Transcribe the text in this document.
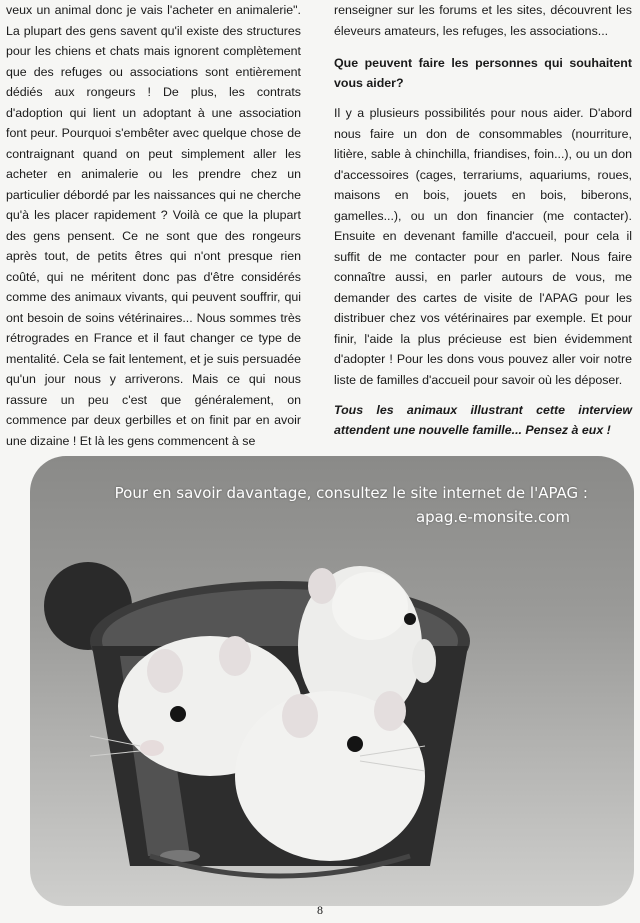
veux un animal donc je vais l'acheter en animalerie". La plupart des gens savent qu'il existe des structures pour les chiens et chats mais ignorent complètement que des refuges ou associations sont entièrement dédiés aux rongeurs ! De plus, les contrats d'adoption qui lient un adoptant à une association font peur. Pourquoi s'embêter avec quelque chose de contraignant quand on peut simplement aller les acheter en animalerie ou les prendre chez un particulier débordé par les naissances qui ne cherche qu'à les placer rapidement ? Voilà ce que la plupart des gens pensent. Ce ne sont que des rongeurs après tout, de petits êtres qui n'ont presque rien coûté, qui ne méritent donc pas d'être considérés comme des animaux vivants, qui peuvent souffrir, qui ont besoin de soins vétérinaires... Nous sommes très rétrogrades en France et il faut changer ce type de mentalité. Cela se fait lentement, et je suis persuadée qu'un jour nous y arriverons. Mais ce qui nous rassure un peu c'est que généralement, on commence par deux gerbilles et on finit par en avoir une dizaine ! Et là les gens commencent à se

renseigner sur les forums et les sites, découvrent les éleveurs amateurs, les refuges, les associations...

Que peuvent faire les personnes qui souhaitent vous aider?

Il y a plusieurs possibilités pour nous aider. D'abord nous faire un don de consommables (nourriture, litière, sable à chinchilla, friandises, foin...), ou un don d'accessoires (cages, terrariums, aquariums, roues, maisons en bois, jouets en bois, biberons, gamelles...), ou un don financier (me contacter). Ensuite en devenant famille d'accueil, pour cela il suffit de me contacter pour en parler. Nous faire connaître aussi, en parler autours de vous, me demander des cartes de visite de l'APAG pour les distribuer chez vos vétérinaires par exemple. Et pour finir, l'aide la plus précieuse est bien évidemment d'adopter ! Pour les dons vous pouvez aller voir notre liste de familles d'accueil pour savoir où les déposer.

Tous les animaux illustrant cette interview attendent une nouvelle famille... Pensez à eux !

Pour en savoir davantage, consultez le site internet de l'APAG :
apag.e-monsite.com
8
